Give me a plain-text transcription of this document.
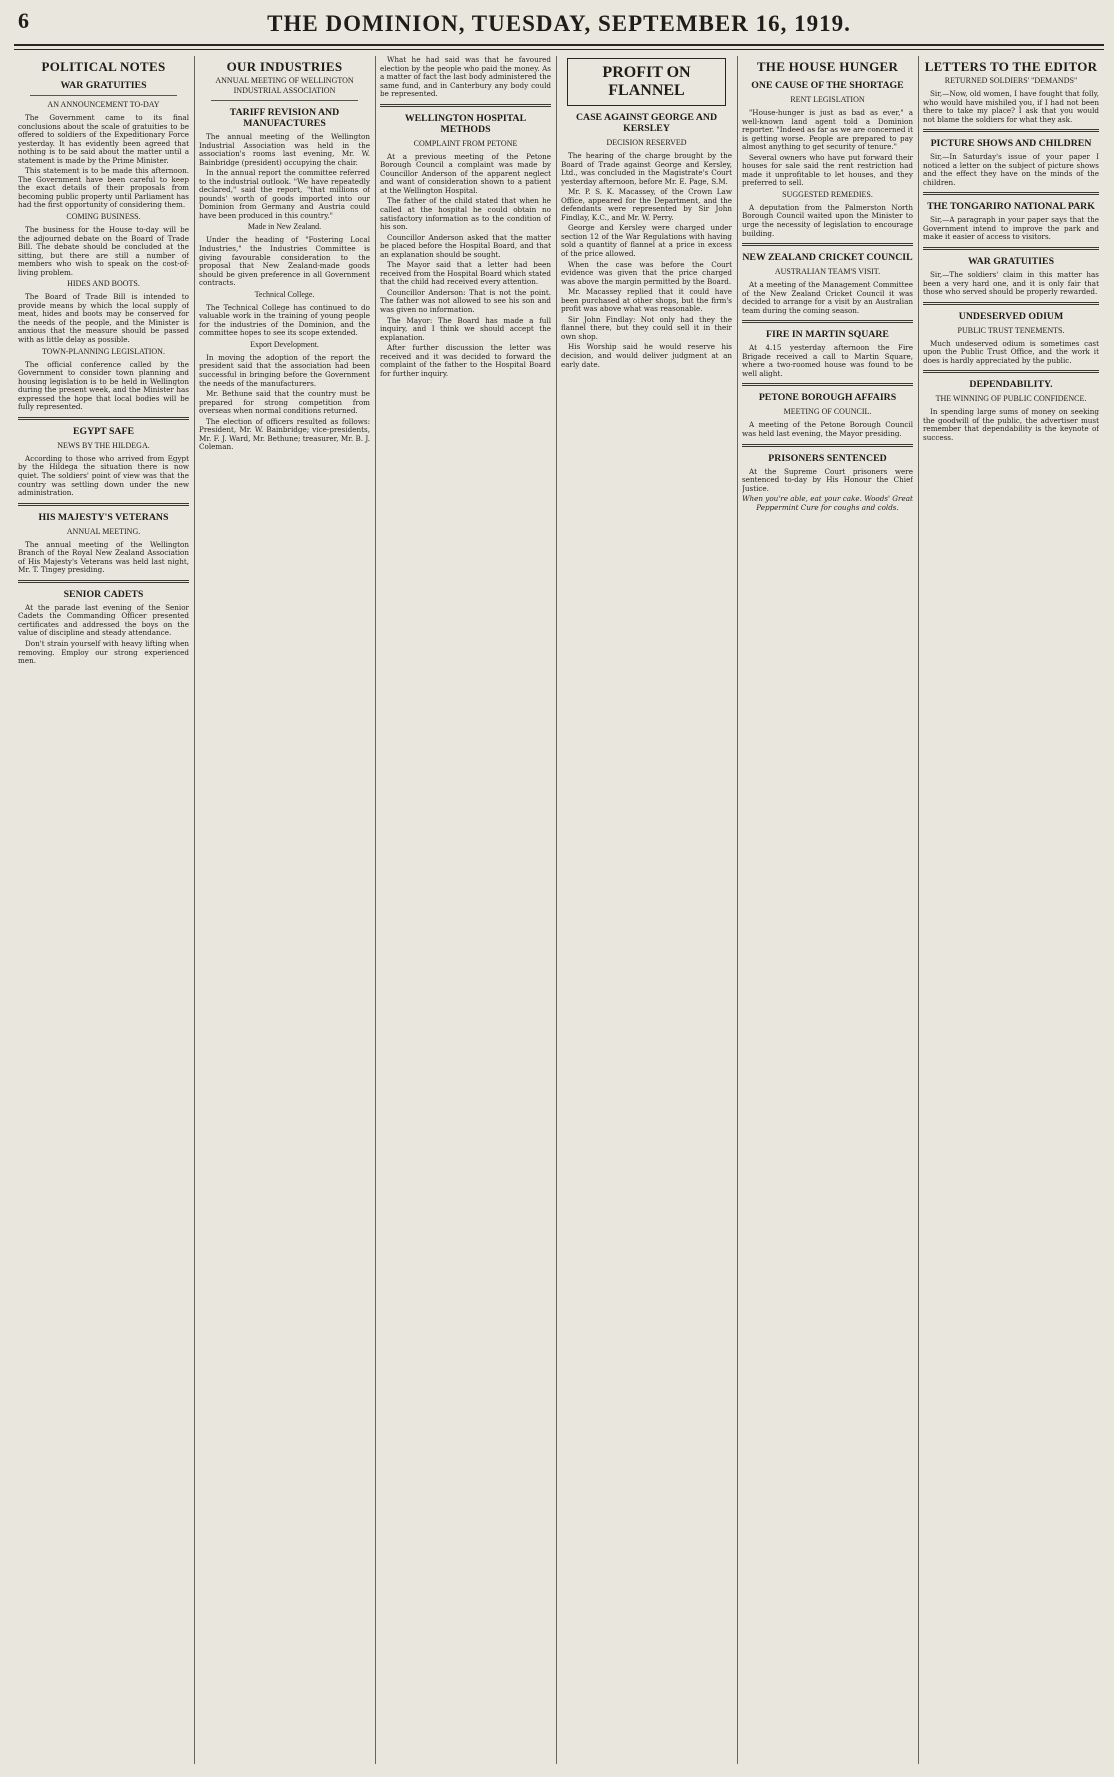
6	THE DOMINION, TUESDAY, SEPTEMBER 16, 1919.
POLITICAL NOTES
WAR GRATUITIES
AN ANNOUNCEMENT TO-DAY

The Government came to its final conclusions about the scale of gratuities to be offered to soldiers of the Expeditionary Force yesterday. It has evidently been agreed that nothing is to be said about the matter until a statement is made by the Prime Minister.

This statement is to be made this afternoon. The Government have been careful to keep the exact details of their proposals from becoming public property until Parliament has had the first opportunity of considering them.

COMING BUSINESS.

The business for the House to-day will be the adjourned debate on the Board of Trade Bill. The debate should be concluded at the sitting, but there are still a number of members who wish to speak on the cost-of-living problem.

HIDES AND BOOTS.

The Board of Trade Bill is intended to provide means by which the local supply of meat, hides and boots may be conserved for the needs of the people, and the Minister is anxious that the measure should be passed with as little delay as possible.

TOWN-PLANNING LEGISLATION.

The official conference called by the Government to consider town planning and housing legislation is to be held in Wellington during the present week, and the Minister has expressed the hope that local bodies will be fully represented.

EGYPT SAFE
NEWS BY THE HILDEGA.

According to those who arrived from Egypt by the Hildega the situation there is now quiet. The soldiers' point of view was that the country was settling down under the new administration.

HIS MAJESTY'S VETERANS
ANNUAL MEETING.

The annual meeting of the Wellington Branch of the Royal New Zealand Association of His Majesty's Veterans was held last night, Mr. T. Tingey presiding.

SENIOR CADETS

At the parade last evening of the Senior Cadets the Commanding Officer presented certificates and addressed the boys on the value of discipline and steady attendance.

Don't strain yourself with heavy lifting when removing. Employ our strong experienced men.

OUR INDUSTRIES
ANNUAL MEETING OF WELLINGTON INDUSTRIAL ASSOCIATION
TARIFF REVISION AND MANUFACTURES

The annual meeting of the Wellington Industrial Association was held in the association's rooms last evening, Mr. W. Bainbridge (president) occupying the chair.

In the annual report the committee referred to the industrial outlook. "We have repeatedly declared," said the report, "that millions of pounds' worth of goods imported into our Dominion from Germany and Austria could have been produced in this country."

Made in New Zealand.

Under the heading of "Fostering Local Industries," the Industries Committee is giving favourable consideration to the proposal that New Zealand-made goods should be given preference in all Government contracts.

Technical College.

The Technical College has continued to do valuable work in the training of young people for the industries of the Dominion, and the committee hopes to see its scope extended.

Export Development.

In moving the adoption of the report the president said that the association had been successful in bringing before the Government the needs of the manufacturers.

Mr. Bethune said that the country must be prepared for strong competition from overseas when normal conditions returned.

The election of officers resulted as follows: President, Mr. W. Bainbridge; vice-presidents, Mr. F. J. Ward, Mr. Bethune; treasurer, Mr. B. J. Coleman.

What he had said was that he favoured election by the people who paid the money. As a matter of fact the last body administered the same fund, and in Canterbury any body could be represented.

WELLINGTON HOSPITAL METHODS
COMPLAINT FROM PETONE

At a previous meeting of the Petone Borough Council a complaint was made by Councillor Anderson of the apparent neglect and want of consideration shown to a patient at the Wellington Hospital.

The father of the child stated that when he called at the hospital he could obtain no satisfactory information as to the condition of his son.

Councillor Anderson asked that the matter be placed before the Hospital Board, and that an explanation should be sought.

The Mayor said that a letter had been received from the Hospital Board which stated that the child had received every attention.

Councillor Anderson: That is not the point. The father was not allowed to see his son and was given no information.

The Mayor: The Board has made a full inquiry, and I think we should accept the explanation.

After further discussion the letter was received and it was decided to forward the complaint of the father to the Hospital Board for further inquiry.

PROFIT ON FLANNEL
CASE AGAINST GEORGE AND KERSLEY
DECISION RESERVED

The hearing of the charge brought by the Board of Trade against George and Kersley, Ltd., was concluded in the Magistrate's Court yesterday afternoon, before Mr. E. Page, S.M.

Mr. P. S. K. Macassey, of the Crown Law Office, appeared for the Department, and the defendants were represented by Sir John Findlay, K.C., and Mr. W. Perry.

George and Kersley were charged under section 12 of the War Regulations with having sold a quantity of flannel at a price in excess of the price allowed.

When the case was before the Court evidence was given that the price charged was above the margin permitted by the Board.

Mr. Macassey replied that it could have been purchased at other shops, but the firm's profit was above what was reasonable.

Sir John Findlay: Not only had they the flannel there, but they could sell it in their own shop.

His Worship said he would reserve his decision, and would deliver judgment at an early date.

THE HOUSE HUNGER
ONE CAUSE OF THE SHORTAGE
RENT LEGISLATION

"House-hunger is just as bad as ever," a well-known land agent told a Dominion reporter. "Indeed as far as we are concerned it is getting worse. People are prepared to pay almost anything to get security of tenure."

Several owners who have put forward their houses for sale said the rent restriction had made it unprofitable to let houses, and they preferred to sell.

SUGGESTED REMEDIES.

A deputation from the Palmerston North Borough Council waited upon the Minister to urge the necessity of legislation to encourage building.

NEW ZEALAND CRICKET COUNCIL
AUSTRALIAN TEAM'S VISIT.

At a meeting of the Management Committee of the New Zealand Cricket Council it was decided to arrange for a visit by an Australian team during the coming season.

FIRE IN MARTIN SQUARE

At 4.15 yesterday afternoon the Fire Brigade received a call to Martin Square, where a two-roomed house was found to be well alight.

PETONE BOROUGH AFFAIRS
MEETING OF COUNCIL.

A meeting of the Petone Borough Council was held last evening, the Mayor presiding.

PRISONERS SENTENCED

At the Supreme Court prisoners were sentenced to-day by His Honour the Chief Justice.

When you're able, eat your cake. Woods' Great Peppermint Cure for coughs and colds.

LETTERS TO THE EDITOR
RETURNED SOLDIERS' "DEMANDS"

Sir,—Now, old women, I have fought that folly, who would have mishiled you, if I had not been there to take my place? I ask that you would not blame the soldiers for what they ask.

PICTURE SHOWS AND CHILDREN

Sir,—In Saturday's issue of your paper I noticed a letter on the subject of picture shows and the effect they have on the minds of the children.

THE TONGARIRO NATIONAL PARK

Sir,—A paragraph in your paper says that the Government intend to improve the park and make it easier of access to visitors.

WAR GRATUITIES

Sir,—The soldiers' claim in this matter has been a very hard one, and it is only fair that those who served should be properly rewarded.

UNDESERVED ODIUM
PUBLIC TRUST TENEMENTS.

Much undeserved odium is sometimes cast upon the Public Trust Office, and the work it does is hardly appreciated by the public.

DEPENDABILITY.
THE WINNING OF PUBLIC CONFIDENCE.

In spending large sums of money on seeking the goodwill of the public, the advertiser must remember that dependability is the keynote of success.
